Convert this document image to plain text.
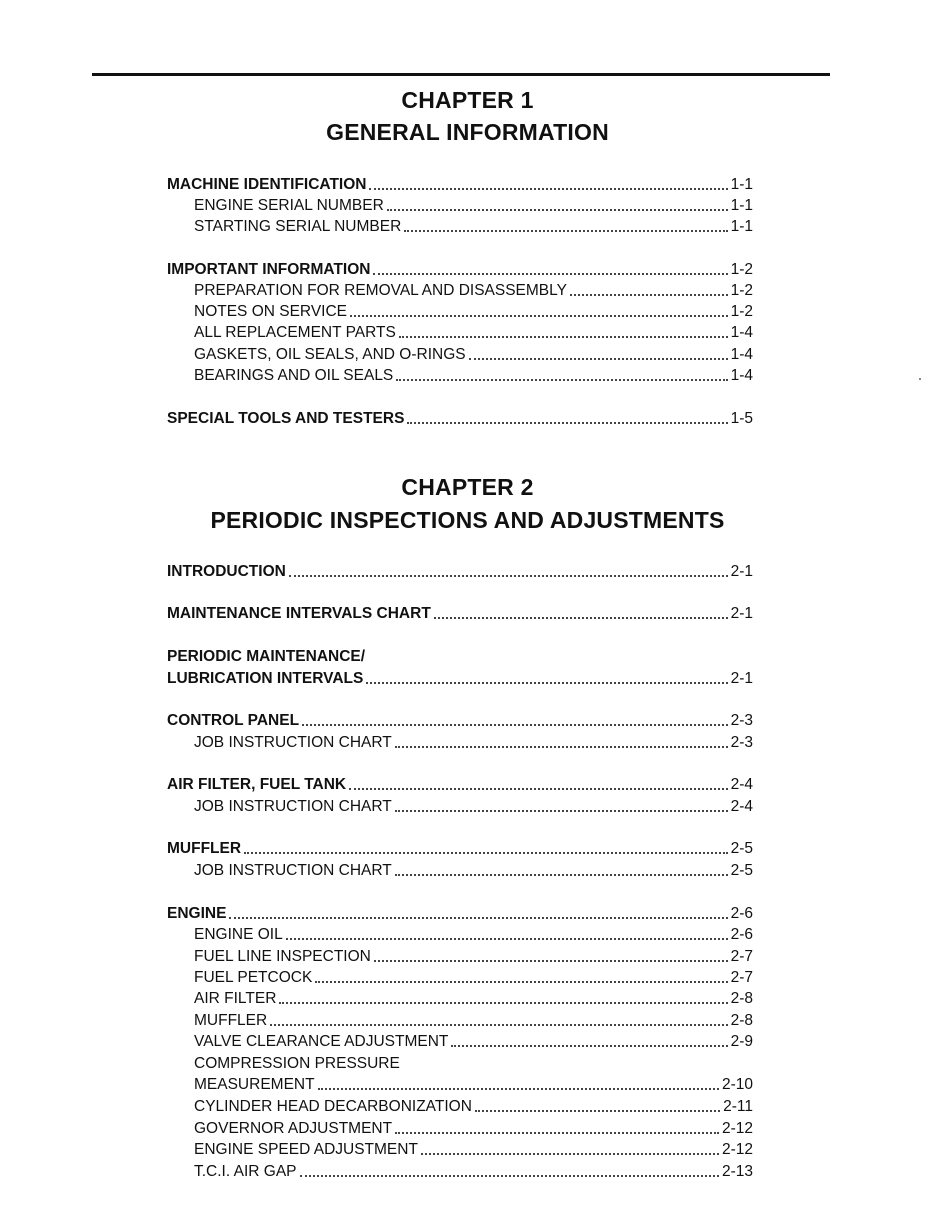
CHAPTER 1
GENERAL INFORMATION
MACHINE IDENTIFICATION	1-1
ENGINE SERIAL NUMBER	1-1
STARTING SERIAL NUMBER	1-1
IMPORTANT INFORMATION	1-2
PREPARATION FOR REMOVAL AND DISASSEMBLY	1-2
NOTES ON SERVICE	1-2
ALL REPLACEMENT PARTS	1-4
GASKETS, OIL SEALS, AND O-RINGS	1-4
BEARINGS AND OIL SEALS	1-4
SPECIAL TOOLS AND TESTERS	1-5
CHAPTER 2
PERIODIC INSPECTIONS AND ADJUSTMENTS
INTRODUCTION	2-1
MAINTENANCE INTERVALS CHART	2-1
PERIODIC MAINTENANCE/
LUBRICATION INTERVALS	2-1
CONTROL PANEL	2-3
JOB INSTRUCTION CHART	2-3
AIR FILTER, FUEL TANK	2-4
JOB INSTRUCTION CHART	2-4
MUFFLER	2-5
JOB INSTRUCTION CHART	2-5
ENGINE	2-6
ENGINE OIL	2-6
FUEL LINE INSPECTION	2-7
FUEL PETCOCK	2-7
AIR FILTER	2-8
MUFFLER	2-8
VALVE CLEARANCE ADJUSTMENT	2-9
COMPRESSION PRESSURE
MEASUREMENT	2-10
CYLINDER HEAD DECARBONIZATION	2-11
GOVERNOR ADJUSTMENT	2-12
ENGINE SPEED ADJUSTMENT	2-12
T.C.I. AIR GAP	2-13
